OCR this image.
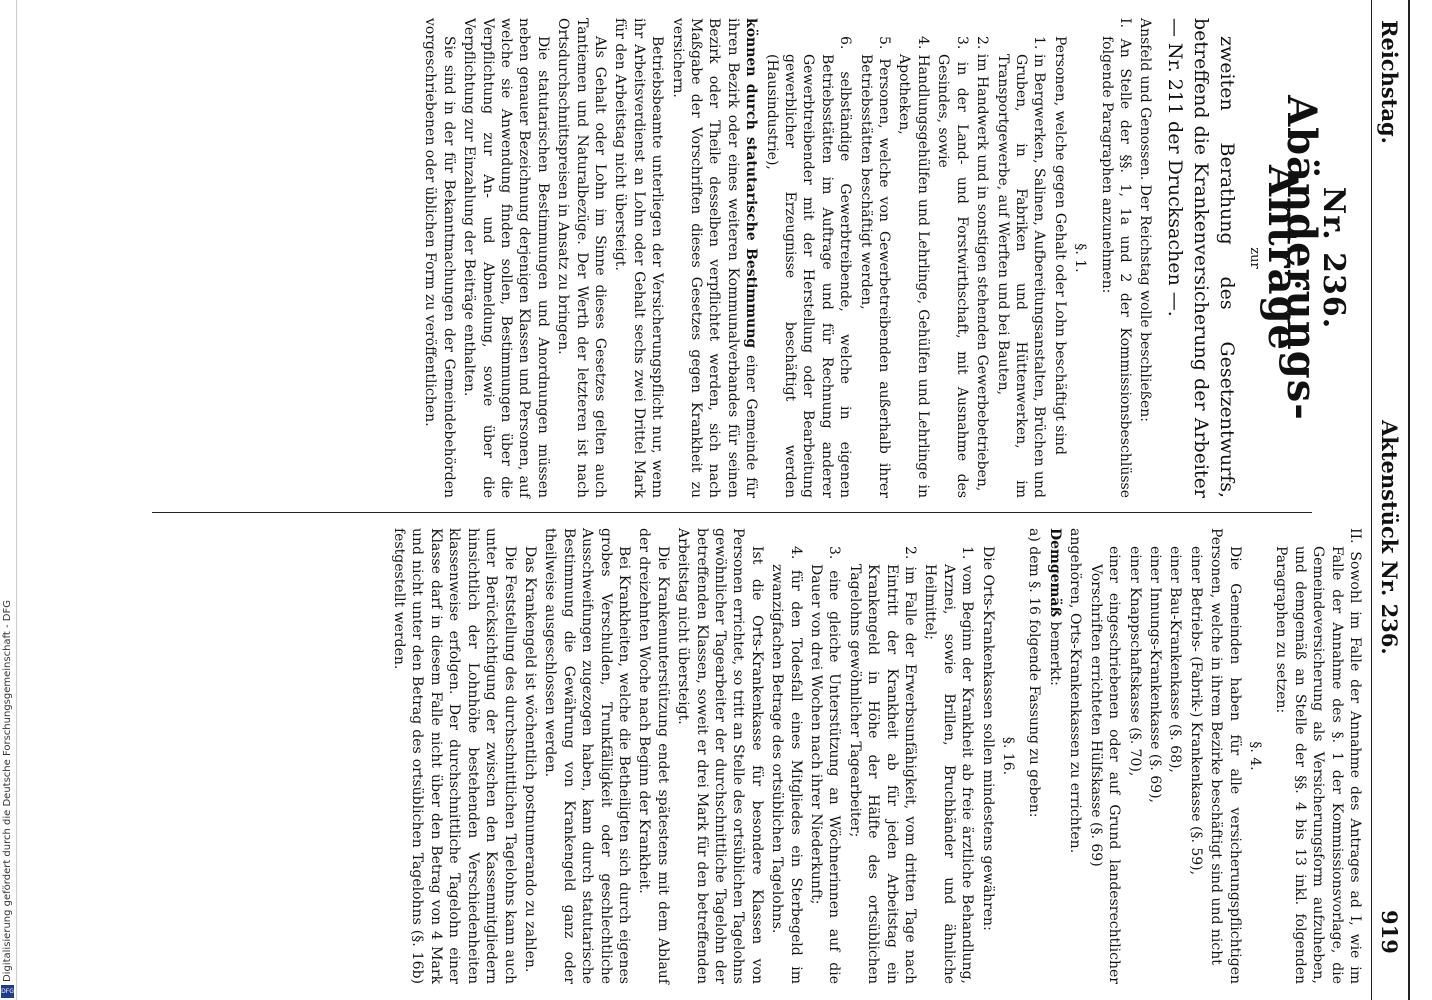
Digitalisierung gefördert durch die Deutsche Forschungsgemeinschaft - DFG
DFG
Reichstag.
Aktenstück Nr. 236.
919
Nr. 236.
Abänderungs-Anträge
zur

zweiten Berathung des Gesetzentwurfs, betreffend die Krankenversicherung der Arbeiter — Nr. 211 der Drucksachen —.

Ansfeld und Genossen. Der Reichstag wolle beschließen:

I. An Stelle der §§. 1, 1a und 2 der Kommissionsbeschlüsse folgende Paragraphen anzunehmen:

§. 1.

Personen, welche gegen Gehalt oder Lohn beschäftigt sind

1. in Bergwerken, Salinen, Aufbereitungsanstalten, Brüchen und Gruben, in Fabriken und Hüttenwerken, im Transportgewerbe, auf Werften und bei Bauten,

2. im Handwerk und in sonstigen stehenden Gewerbebetrieben,

3. in der Land- und Forstwirthschaft, mit Ausnahme des Gesindes, sowie

4. Handlungsgehülfen und Lehrlinge, Gehülfen und Lehrlinge in Apotheken,

5. Personen, welche von Gewerbetreibenden außerhalb ihrer Betriebsstätten beschäftigt werden,

6. selbständige Gewerbtreibende, welche in eigenen Betriebsstätten im Auftrage und für Rechnung anderer Gewerbtreibender mit der Herstellung oder Bearbeitung gewerblicher Erzeugnisse beschäftigt werden (Hausindustrie),

können durch statutarische Bestimmung einer Gemeinde für ihren Bezirk oder eines weiteren Kommunalverbandes für seinen Bezirk oder Theile desselben verpflichtet werden, sich nach Maßgabe der Vorschriften dieses Gesetzes gegen Krankheit zu versichern.

Betriebsbeamte unterliegen der Versicherungspflicht nur, wenn ihr Arbeitsverdienst an Lohn oder Gehalt sechs zwei Drittel Mark für den Arbeitstag nicht übersteigt.

Als Gehalt oder Lohn im Sinne dieses Gesetzes gelten auch Tantiemen und Naturalbezüge. Der Werth der letzteren ist nach Ortsdurchschnittspreisen in Ansatz zu bringen.

Die statutarischen Bestimmungen und Anordnungen müssen neben genauer Bezeichnung derjenigen Klassen und Personen, auf welche sie Anwendung finden sollen, Bestimmungen über die Verpflichtung zur An- und Abmeldung, sowie über die Verpflichtung zur Einzahlung der Beiträge enthalten.

Sie sind in der für Bekanntmachungen der Gemeindebehörden vorgeschriebenen oder üblichen Form zu veröffentlichen.

II. Sowohl im Falle der Annahme des Antrages ad I, wie im Falle der Annahme des §. 1 der Kommissionsvorlage, die Gemeindeversicherung als Versicherungsform aufzuheben, und demgemäß an Stelle der §§. 4 bis 13 inkl. folgenden Paragraphen zu setzen:

§. 4.

Die Gemeinden haben für alle versicherungspflichtigen Personen, welche in ihrem Bezirke beschäftigt sind und nicht

einer Betriebs- (Fabrik-) Krankenkasse (§. 59),

einer Bau-Krankenkasse (§. 68),

einer Innungs-Krankenkasse (§. 69),

einer Knappschaftskasse (§. 70),

einer eingeschriebenen oder auf Grund landesrechtlicher Vorschriften errichteten Hülfskasse (§. 69)

angehören, Orts-Krankenkassen zu errichten.

Demgemäß bemerkt:

a) dem §. 16 folgende Fassung zu geben:

§. 16.

Die Orts-Krankenkassen sollen mindestens gewähren:

1. vom Beginn der Krankheit ab freie ärztliche Behandlung, Arznei, sowie Brillen, Bruchbänder und ähnliche Heilmittel;

2. im Falle der Erwerbsunfähigkeit, vom dritten Tage nach Eintritt der Krankheit ab für jeden Arbeitstag ein Krankengeld in Höhe der Hälfte des ortsüblichen Tagelohns gewöhnlicher Tagearbeiter;

3. eine gleiche Unterstützung an Wöchnerinnen auf die Dauer von drei Wochen nach ihrer Niederkunft;

4. für den Todesfall eines Mitgliedes ein Sterbegeld im zwanzigfachen Betrage des ortsüblichen Tagelohns.

Ist die Orts-Krankenkasse für besondere Klassen von Personen errichtet, so tritt an Stelle des ortsüblichen Tagelohns gewöhnlicher Tagearbeiter der durchschnittliche Tagelohn der betreffenden Klassen, soweit er drei Mark für den betreffenden Arbeitstag nicht übersteigt.

Die Krankenunterstützung endet spätestens mit dem Ablauf der dreizehnten Woche nach Beginn der Krankheit.

Bei Krankheiten, welche die Betheiligten sich durch eigenes grobes Verschulden, Trunkfälligkeit oder geschlechtliche Ausschweifungen zugezogen haben, kann durch statutarische Bestimmung die Gewährung von Krankengeld ganz oder theilweise ausgeschlossen werden.

Das Krankengeld ist wöchentlich postnumerando zu zahlen.

Die Feststellung des durchschnittlichen Tagelohns kann auch unter Berücksichtigung der zwischen den Kassenmitgliedern hinsichtlich der Lohnhöhe bestehenden Verschiedenheiten klassenweise erfolgen. Der durchschnittliche Tagelohn einer Klasse darf in diesem Falle nicht über den Betrag von 4 Mark und nicht unter den Betrag des ortsüblichen Tagelohns (§. 16b) festgestellt werden.
